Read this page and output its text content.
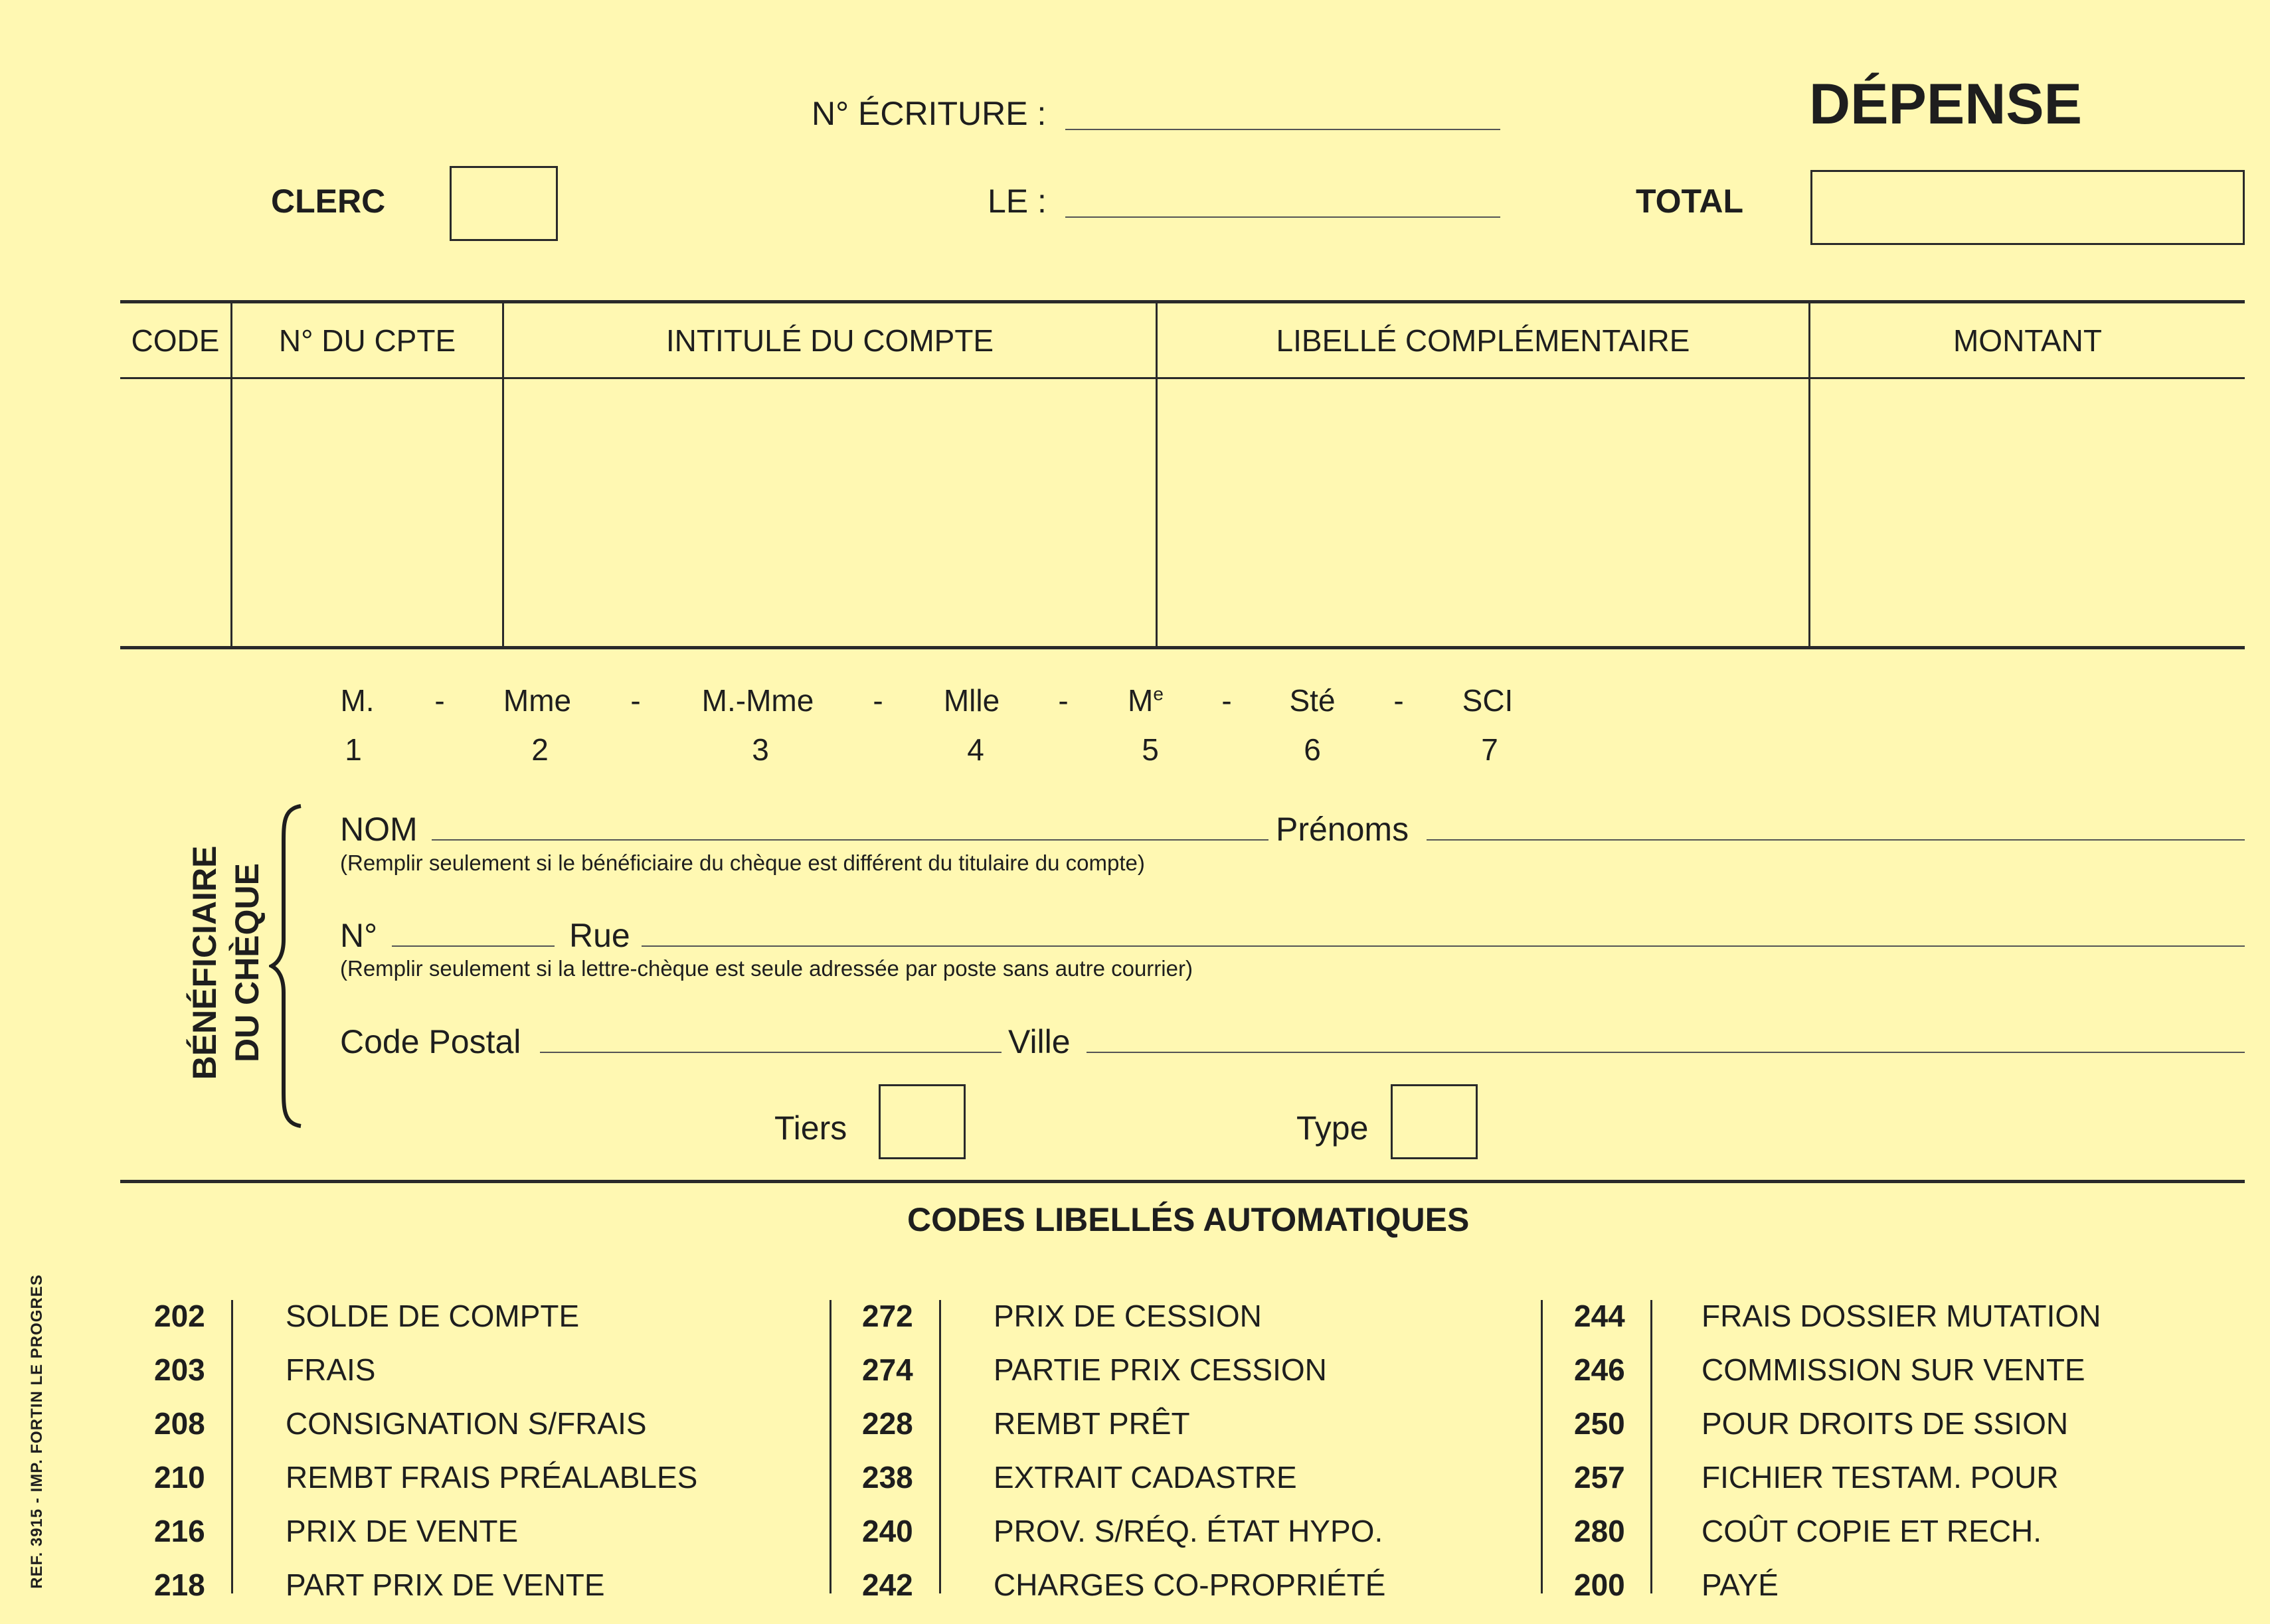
N° ÉCRITURE :	DÉPENSE
CLERC	LE :	TOTAL
CODE	N° DU CPTE	INTITULÉ DU COMPTE	LIBELLÉ COMPLÉMENTAIRE	MONTANT
M.
1
- Mme
2
- M.-Mme
3
- Mlle
4
- Me
5
- Sté
6
- SCI
7
BÉNÉFICIAIRE DU CHÈQUE
NOM	Prénoms
(Remplir seulement si le bénéficiaire du chèque est différent du titulaire du compte)
N°	Rue
(Remplir seulement si la lettre-chèque est seule adressée par poste sans autre courrier)
Code Postal	Ville
Tiers	Type
CODES LIBELLÉS AUTOMATIQUES
202	SOLDE DE COMPTE
203	FRAIS
208	CONSIGNATION S/FRAIS
210	REMBT FRAIS PRÉALABLES
216	PRIX DE VENTE
218	PART PRIX DE VENTE
272	PRIX DE CESSION
274	PARTIE PRIX CESSION
228	REMBT PRÊT
238	EXTRAIT CADASTRE
240	PROV. S/RÉQ. ÉTAT HYPO.
242	CHARGES CO-PROPRIÉTÉ
244	FRAIS DOSSIER MUTATION
246	COMMISSION SUR VENTE
250	POUR DROITS DE SSION
257	FICHIER TESTAM. POUR
280	COÛT COPIE ET RECH.
200	PAYÉ
REF. 3915 - IMP. FORTIN LE PROGRES
